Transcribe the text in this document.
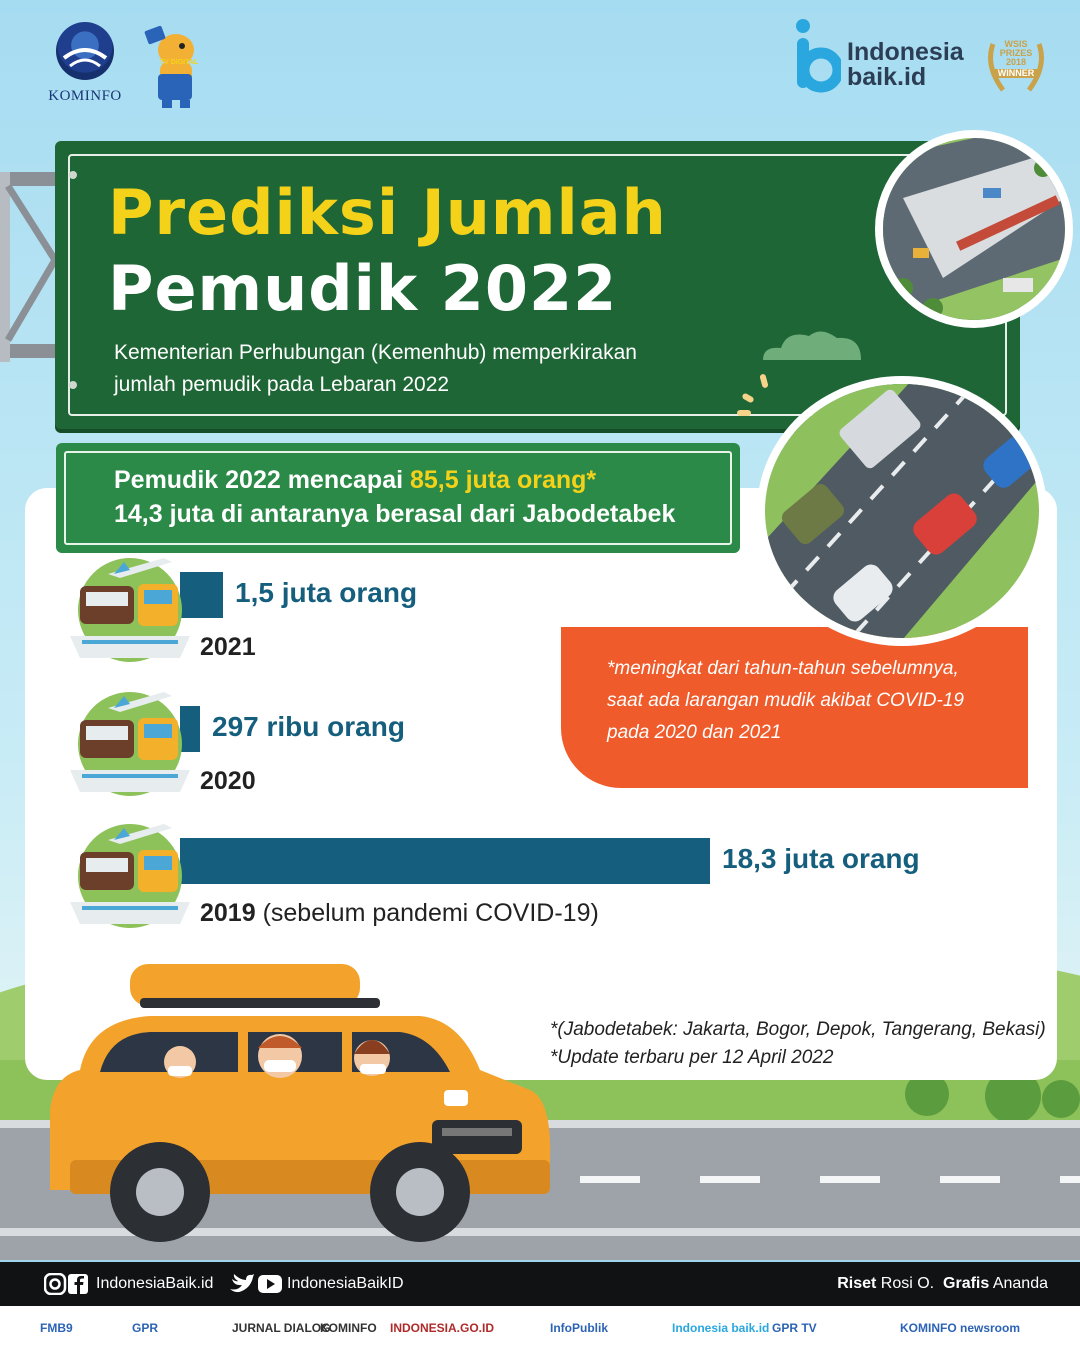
KOMINFO
TV DIGITAL	Indonesia
baik.id
WSIS
PRIZES
2018
WINNER
Prediksi Jumlah
Pemudik 2022
Kementerian Perhubungan (Kemenhub) memperkirakan
jumlah pemudik pada Lebaran 2022
Pemudik 2022 mencapai 85,5 juta orang*
14,3 juta di antaranya berasal dari Jabodetabek
1,5 juta orang
2021
297 ribu orang
2020
18,3 juta orang
2019 (sebelum pandemi COVID-19)
*meningkat dari tahun-tahun sebelumnya,
saat ada larangan mudik akibat COVID-19
pada 2020 dan 2021
*(Jabodetabek: Jakarta, Bogor, Depok, Tangerang, Bekasi)
*Update terbaru per 12 April 2022
IndonesiaBaik.id	IndonesiaBaikID	Riset Rosi O. Grafis Ananda
FMB9	GPR	JURNAL DIALOG
KOMINFO INDONESIA.GO.ID	InfoPublik	Indonesia baik.id GPR TV	KOMINFO newsroom
